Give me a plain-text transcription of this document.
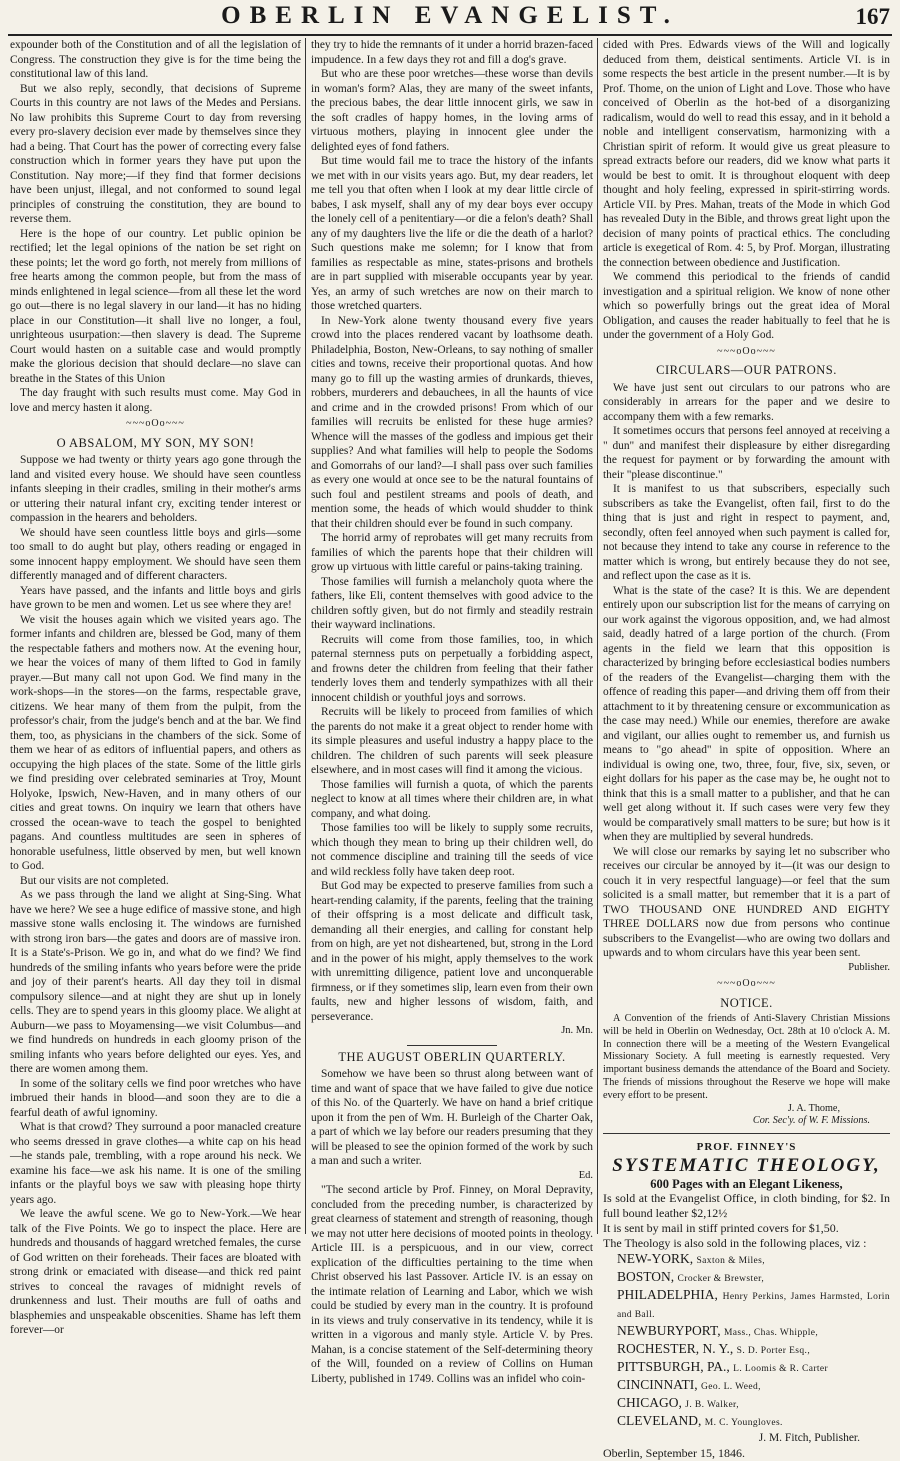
OBERLIN EVANGELIST.	167

expounder both of the Constitution and of all the legislation of Congress. The construction they give is for the time being the constitutional law of this land.

But we also reply, secondly, that decisions of Supreme Courts in this country are not laws of the Medes and Persians. No law prohibits this Supreme Court to day from reversing every pro-slavery decision ever made by themselves since they had a being. That Court has the power of correcting every false construction which in former years they have put upon the Constitution. Nay more;—if they find that former decisions have been unjust, illegal, and not conformed to sound legal principles of construing the constitution, they are bound to reverse them.

Here is the hope of our country. Let public opinion be rectified; let the legal opinions of the nation be set right on these points; let the word go forth, not merely from millions of free hearts among the common people, but from the mass of minds enlightened in legal science—from all these let the word go out—there is no legal slavery in our land—it has no hiding place in our Constitution—it shall live no longer, a foul, unrighteous usurpation:—then slavery is dead. The Supreme Court would hasten on a suitable case and would promptly make the glorious decision that should declare—no slave can breathe in the States of this Union

The day fraught with such results must come. May God in love and mercy hasten it along.

~~~oOo~~~

O ABSALOM, MY SON, MY SON!

Suppose we had twenty or thirty years ago gone through the land and visited every house. We should have seen countless infants sleeping in their cradles, smiling in their mother's arms or uttering their natural infant cry, exciting tender interest or compassion in the hearers and beholders.

We should have seen countless little boys and girls—some too small to do aught but play, others reading or engaged in some innocent happy employment. We should have seen them differently managed and of different characters.

Years have passed, and the infants and little boys and girls have grown to be men and women. Let us see where they are!

We visit the houses again which we visited years ago. The former infants and children are, blessed be God, many of them the respectable fathers and mothers now. At the evening hour, we hear the voices of many of them lifted to God in family prayer.—But many call not upon God. We find many in the work-shops—in the stores—on the farms, respectable grave, citizens. We hear many of them from the pulpit, from the professor's chair, from the judge's bench and at the bar. We find them, too, as physicians in the chambers of the sick. Some of them we hear of as editors of influential papers, and others as occupying the high places of the state. Some of the little girls we find presiding over celebrated seminaries at Troy, Mount Holyoke, Ipswich, New-Haven, and in many others of our cities and great towns. On inquiry we learn that others have crossed the ocean-wave to teach the gospel to benighted pagans. And countless multitudes are seen in spheres of honorable usefulness, little observed by men, but well known to God.

But our visits are not completed.

As we pass through the land we alight at Sing-Sing. What have we here? We see a huge edifice of massive stone, and high massive stone walls enclosing it. The windows are furnished with strong iron bars—the gates and doors are of massive iron. It is a State's-Prison. We go in, and what do we find? We find hundreds of the smiling infants who years before were the pride and joy of their parent's hearts. All day they toil in dismal compulsory silence—and at night they are shut up in lonely cells. They are to spend years in this gloomy place. We alight at Auburn—we pass to Moyamensing—we visit Columbus—and we find hundreds on hundreds in each gloomy prison of the smiling infants who years before delighted our eyes. Yes, and there are women among them.

In some of the solitary cells we find poor wretches who have imbrued their hands in blood—and soon they are to die a fearful death of awful ignominy.

What is that crowd? They surround a poor manacled creature who seems dressed in grave clothes—a white cap on his head—he stands pale, trembling, with a rope around his neck. We examine his face—we ask his name. It is one of the smiling infants or the playful boys we saw with pleasing hope thirty years ago.

We leave the awful scene. We go to New-York.—We hear talk of the Five Points. We go to inspect the place. Here are hundreds and thousands of haggard wretched females, the curse of God written on their foreheads. Their faces are bloated with strong drink or emaciated with disease—and thick red paint strives to conceal the ravages of midnight revels of drunkenness and lust. Their mouths are full of oaths and blasphemies and unspeakable obscenities. Shame has left them forever—or

they try to hide the remnants of it under a horrid brazen-faced impudence. In a few days they rot and fill a dog's grave.

But who are these poor wretches—these worse than devils in woman's form? Alas, they are many of the sweet infants, the precious babes, the dear little innocent girls, we saw in the soft cradles of happy homes, in the loving arms of virtuous mothers, playing in innocent glee under the delighted eyes of fond fathers.

But time would fail me to trace the history of the infants we met with in our visits years ago. But, my dear readers, let me tell you that often when I look at my dear little circle of babes, I ask myself, shall any of my dear boys ever occupy the lonely cell of a penitentiary—or die a felon's death? Shall any of my daughters live the life or die the death of a harlot? Such questions make me solemn; for I know that from families as respectable as mine, states-prisons and brothels are in part supplied with miserable occupants year by year. Yes, an army of such wretches are now on their march to those wretched quarters.

In New-York alone twenty thousand every five years crowd into the places rendered vacant by loathsome death. Philadelphia, Boston, New-Orleans, to say nothing of smaller cities and towns, receive their proportional quotas. And how many go to fill up the wasting armies of drunkards, thieves, robbers, murderers and debauchees, in all the haunts of vice and crime and in the crowded prisons! From which of our families will recruits be enlisted for these huge armies? Whence will the masses of the godless and impious get their supplies? And what families will help to people the Sodoms and Gomorrahs of our land?—I shall pass over such families as every one would at once see to be the natural fountains of such foul and pestilent streams and pools of death, and mention some, the heads of which would shudder to think that their children should ever be found in such company.

The horrid army of reprobates will get many recruits from families of which the parents hope that their children will grow up virtuous with little careful or pains-taking training.

Those families will furnish a melancholy quota where the fathers, like Eli, content themselves with good advice to the children softly given, but do not firmly and steadily restrain their wayward inclinations.

Recruits will come from those families, too, in which paternal sternness puts on perpetually a forbidding aspect, and frowns deter the children from feeling that their father tenderly loves them and tenderly sympathizes with all their innocent childish or youthful joys and sorrows.

Recruits will be likely to proceed from families of which the parents do not make it a great object to render home with its simple pleasures and useful industry a happy place to the children. The children of such parents will seek pleasure elsewhere, and in most cases will find it among the vicious.

Those families will furnish a quota, of which the parents neglect to know at all times where their children are, in what company, and what doing.

Those families too will be likely to supply some recruits, which though they mean to bring up their children well, do not commence discipline and training till the seeds of vice and wild reckless folly have taken deep root.

But God may be expected to preserve families from such a heart-rending calamity, if the parents, feeling that the training of their offspring is a most delicate and difficult task, demanding all their energies, and calling for constant help from on high, are yet not disheartened, but, strong in the Lord and in the power of his might, apply themselves to the work with unremitting diligence, patient love and unconquerable firmness, or if they sometimes slip, learn even from their own faults, new and higher lessons of wisdom, faith, and perseverance.

Jn. Mn.

THE AUGUST OBERLIN QUARTERLY.

Somehow we have been so thrust along between want of time and want of space that we have failed to give due notice of this No. of the Quarterly. We have on hand a brief critique upon it from the pen of Wm. H. Burleigh of the Charter Oak, a part of which we lay before our readers presuming that they will be pleased to see the opinion formed of the work by such a man and such a writer.

Ed.

"The second article by Prof. Finney, on Moral Depravity, concluded from the preceding number, is characterized by great clearness of statement and strength of reasoning, though we may not utter here decisions of mooted points in theology. Article III. is a perspicuous, and in our view, correct explication of the difficulties pertaining to the time when Christ observed his last Passover. Article IV. is an essay on the intimate relation of Learning and Labor, which we wish could be studied by every man in the country. It is profound in its views and truly conservative in its tendency, while it is written in a vigorous and manly style. Article V. by Pres. Mahan, is a concise statement of the Self-determining theory of the Will, founded on a review of Collins on Human Liberty, published in 1749. Collins was an infidel who coin-

cided with Pres. Edwards views of the Will and logically deduced from them, deistical sentiments. Article VI. is in some respects the best article in the present number.—It is by Prof. Thome, on the union of Light and Love. Those who have conceived of Oberlin as the hot-bed of a disorganizing radicalism, would do well to read this essay, and in it behold a noble and intelligent conservatism, harmonizing with a Christian spirit of reform. It would give us great pleasure to spread extracts before our readers, did we know what parts it would be best to omit. It is throughout eloquent with deep thought and holy feeling, expressed in spirit-stirring words. Article VII. by Pres. Mahan, treats of the Mode in which God has revealed Duty in the Bible, and throws great light upon the decision of many points of practical ethics. The concluding article is exegetical of Rom. 4: 5, by Prof. Morgan, illustrating the connection between obedience and Justification.

We commend this periodical to the friends of candid investigation and a spiritual religion. We know of none other which so powerfully brings out the great idea of Moral Obligation, and causes the reader habitually to feel that he is under the government of a Holy God.

~~~oOo~~~

CIRCULARS—OUR PATRONS.

We have just sent out circulars to our patrons who are considerably in arrears for the paper and we desire to accompany them with a few remarks.

It sometimes occurs that persons feel annoyed at receiving a " dun" and manifest their displeasure by either disregarding the request for payment or by forwarding the amount with their "please discontinue."

It is manifest to us that subscribers, especially such subscribers as take the Evangelist, often fail, first to do the thing that is just and right in respect to payment, and, secondly, often feel annoyed when such payment is called for, not because they intend to take any course in reference to the matter which is wrong, but entirely because they do not see, and reflect upon the case as it is.

What is the state of the case? It is this. We are dependent entirely upon our subscription list for the means of carrying on our work against the vigorous opposition, and, we had almost said, deadly hatred of a large portion of the church. (From agents in the field we learn that this opposition is characterized by bringing before ecclesiastical bodies numbers of the readers of the Evangelist—charging them with the offence of reading this paper—and driving them off from their attachment to it by threatening censure or excommunication as the case may need.) While our enemies, therefore are awake and vigilant, our allies ought to remember us, and furnish us means to "go ahead" in spite of opposition. Where an individual is owing one, two, three, four, five, six, seven, or eight dollars for his paper as the case may be, he ought not to think that this is a small matter to a publisher, and that he can well get along without it. If such cases were very few they would be comparatively small matters to be sure; but how is it when they are multiplied by several hundreds.

We will close our remarks by saying let no subscriber who receives our circular be annoyed by it—(it was our design to couch it in very respectful language)—or feel that the sum solicited is a small matter, but remember that it is a part of TWO THOUSAND ONE HUNDRED AND EIGHTY THREE DOLLARS now due from persons who continue subscribers to the Evangelist—who are owing two dollars and upwards and to whom circulars have this year been sent.

Publisher.

~~~oOo~~~

NOTICE.

A Convention of the friends of Anti-Slavery Christian Missions will be held in Oberlin on Wednesday, Oct. 28th at 10 o'clock A. M. In connection there will be a meeting of the Western Evangelical Missionary Society. A full meeting is earnestly requested. Very important business demands the attendance of the Board and Society. The friends of missions throughout the Reserve we hope will make every effort to be present.

J. A. Thome,

Cor. Sec'y. of W. F. Missions.

PROF. FINNEY'S

SYSTEMATIC THEOLOGY,

600 Pages with an Elegant Likeness,

Is sold at the Evangelist Office, in cloth binding, for $2. In full bound leather $2,12½

It is sent by mail in stiff printed covers for $1,50.

The Theology is also sold in the following places, viz :

NEW-YORK, Saxton & Miles,
BOSTON, Crocker & Brewster,
PHILADELPHIA, Henry Perkins, James Harmsted, Lorin and Ball.
NEWBURYPORT, Mass., Chas. Whipple,
ROCHESTER, N. Y., S. D. Porter Esq.,
PITTSBURGH, PA., L. Loomis & R. Carter
CINCINNATI, Geo. L. Weed,
CHICAGO, J. B. Walker,
CLEVELAND, M. C. Youngloves.

J. M. Fitch, Publisher.

Oberlin, September 15, 1846.
